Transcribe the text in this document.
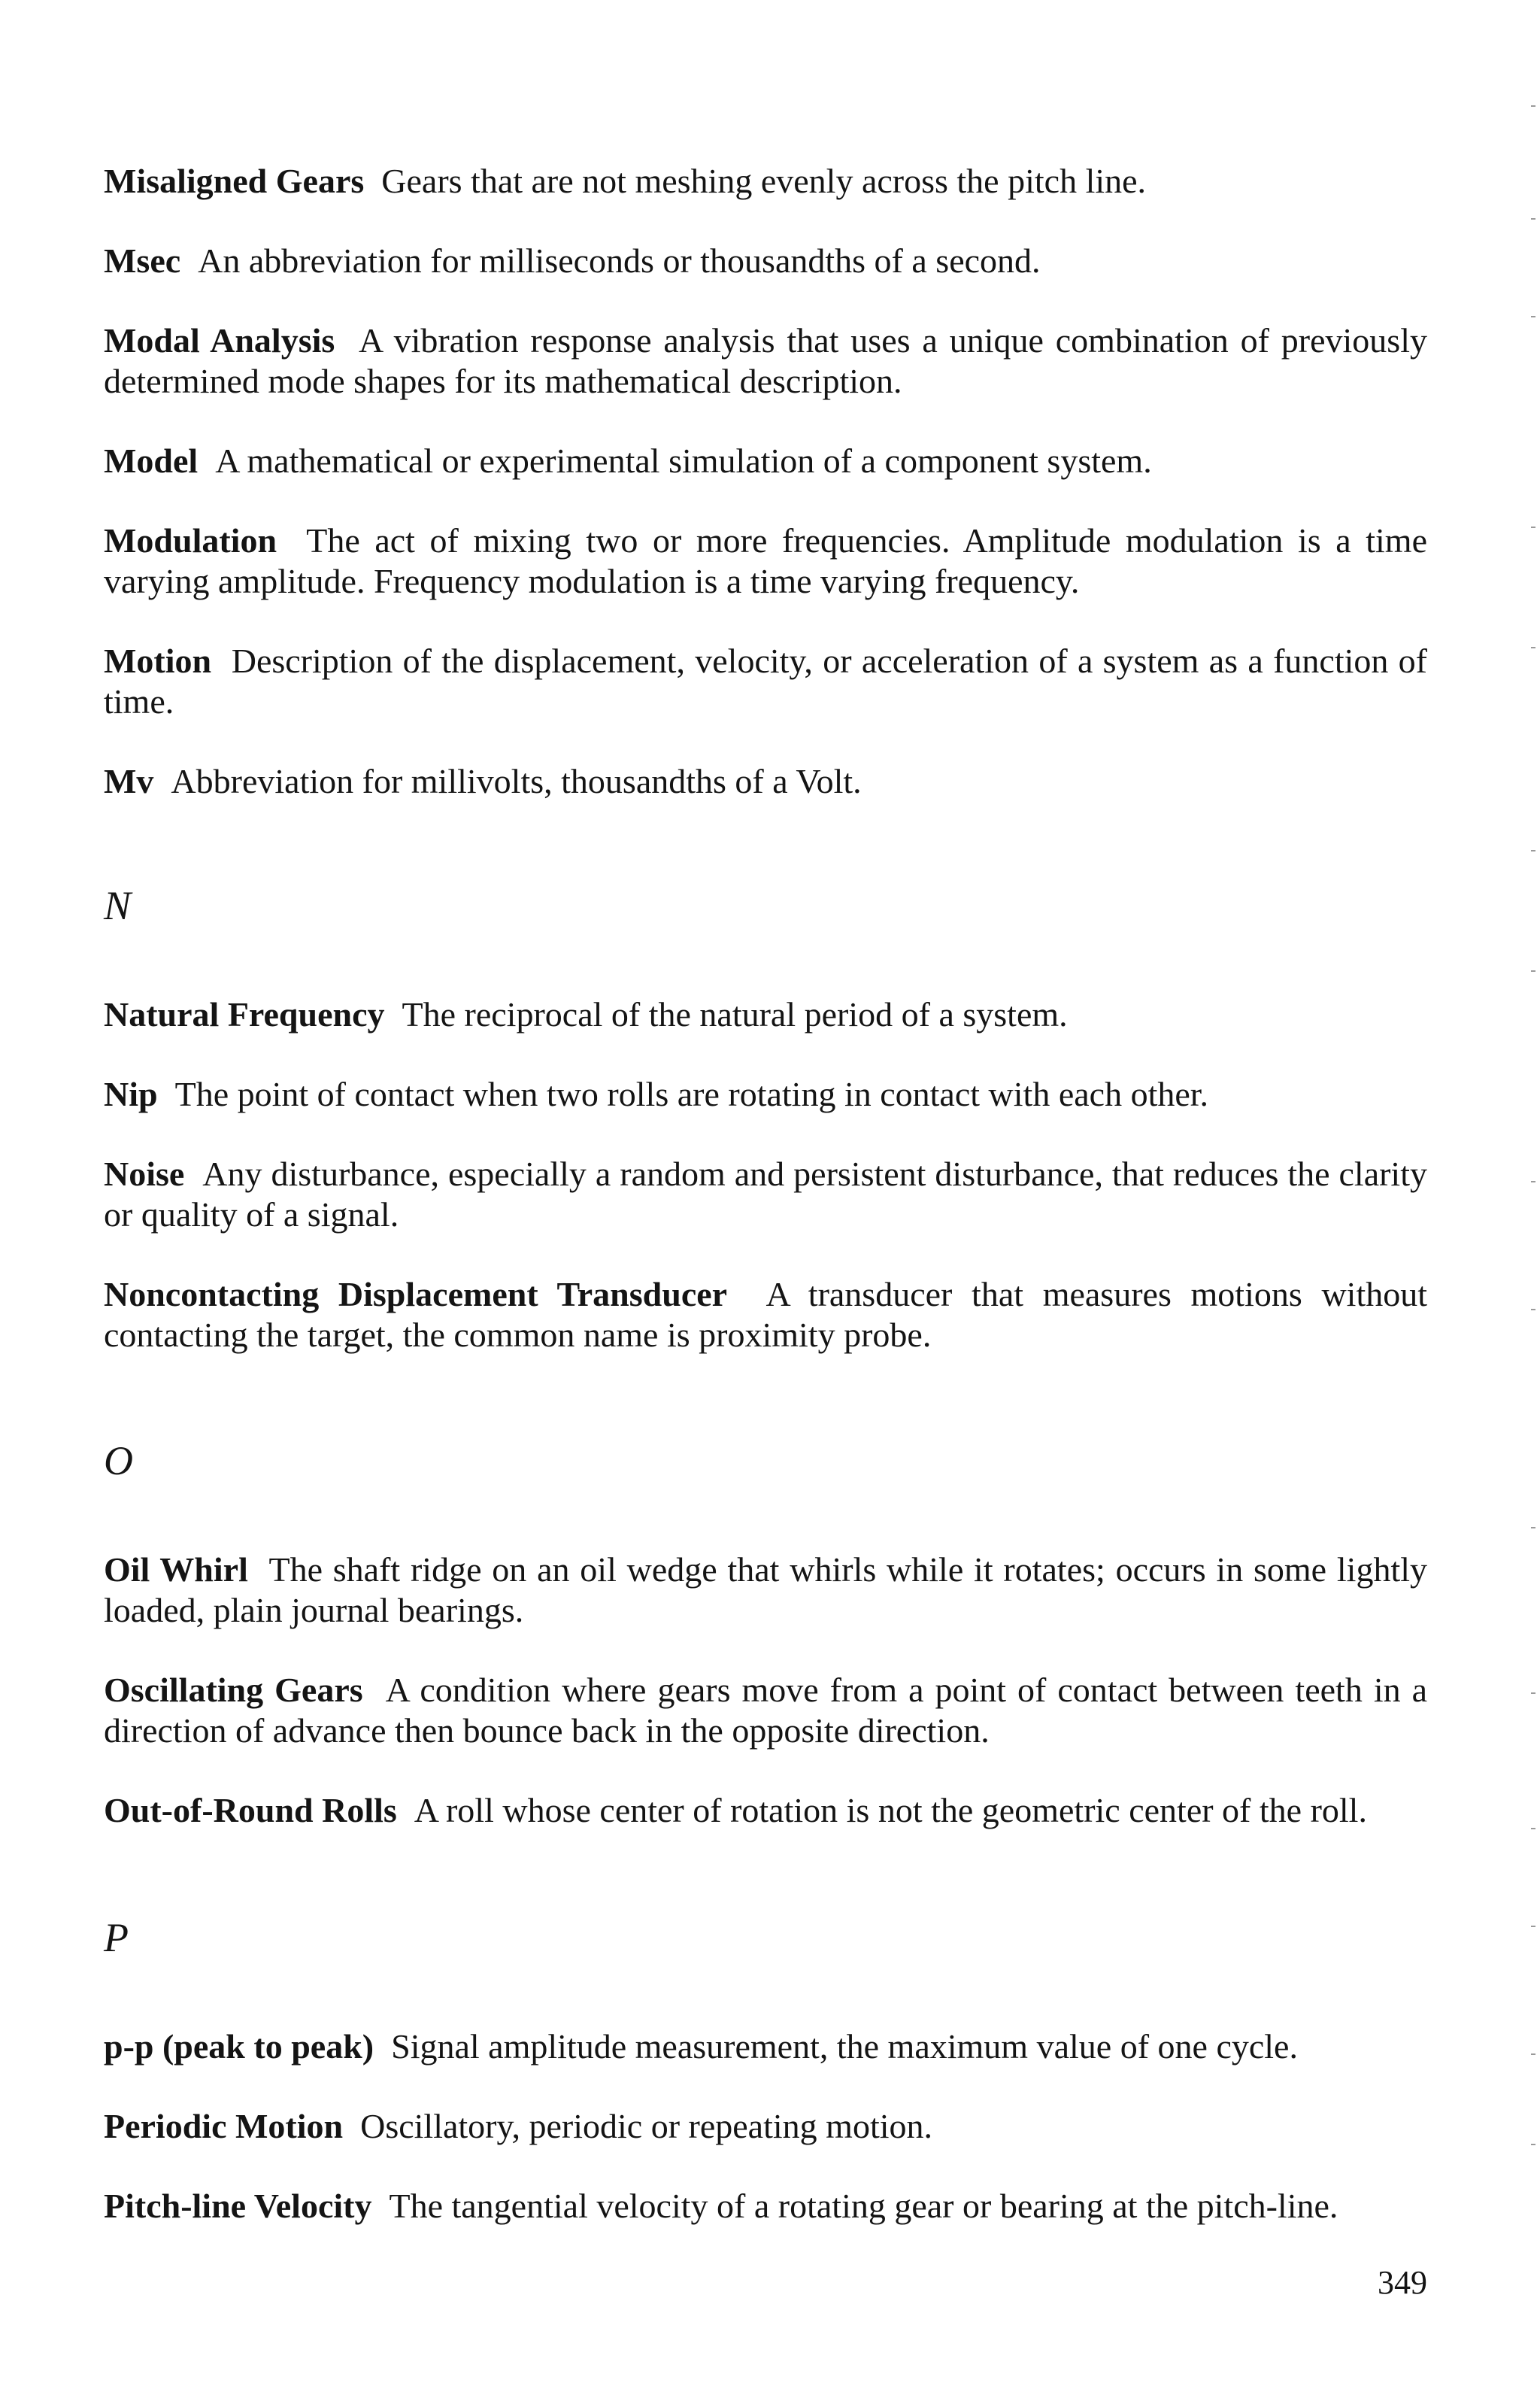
Misaligned Gears Gears that are not meshing evenly across the pitch line.

Msec An abbreviation for milliseconds or thousandths of a second.

Modal Analysis A vibration response analysis that uses a unique combination of previously determined mode shapes for its mathematical description.

Model A mathematical or experimental simulation of a component system.

Modulation The act of mixing two or more frequencies. Amplitude modulation is a time varying amplitude. Frequency modulation is a time varying frequency.

Motion Description of the displacement, velocity, or acceleration of a system as a function of time.

Mv Abbreviation for millivolts, thousandths of a Volt.

N

Natural Frequency The reciprocal of the natural period of a system.

Nip The point of contact when two rolls are rotating in contact with each other.

Noise Any disturbance, especially a random and persistent disturbance, that reduces the clarity or quality of a signal.

Noncontacting Displacement Transducer A transducer that measures motions without contacting the target, the common name is proximity probe.

O

Oil Whirl The shaft ridge on an oil wedge that whirls while it rotates; occurs in some lightly loaded, plain journal bearings.

Oscillating Gears A condition where gears move from a point of contact between teeth in a direction of advance then bounce back in the opposite direction.

Out-of-Round Rolls A roll whose center of rotation is not the geometric center of the roll.

P

p-p (peak to peak) Signal amplitude measurement, the maximum value of one cycle.

Periodic Motion Oscillatory, periodic or repeating motion.

Pitch-line Velocity The tangential velocity of a rotating gear or bearing at the pitch-line.

349
